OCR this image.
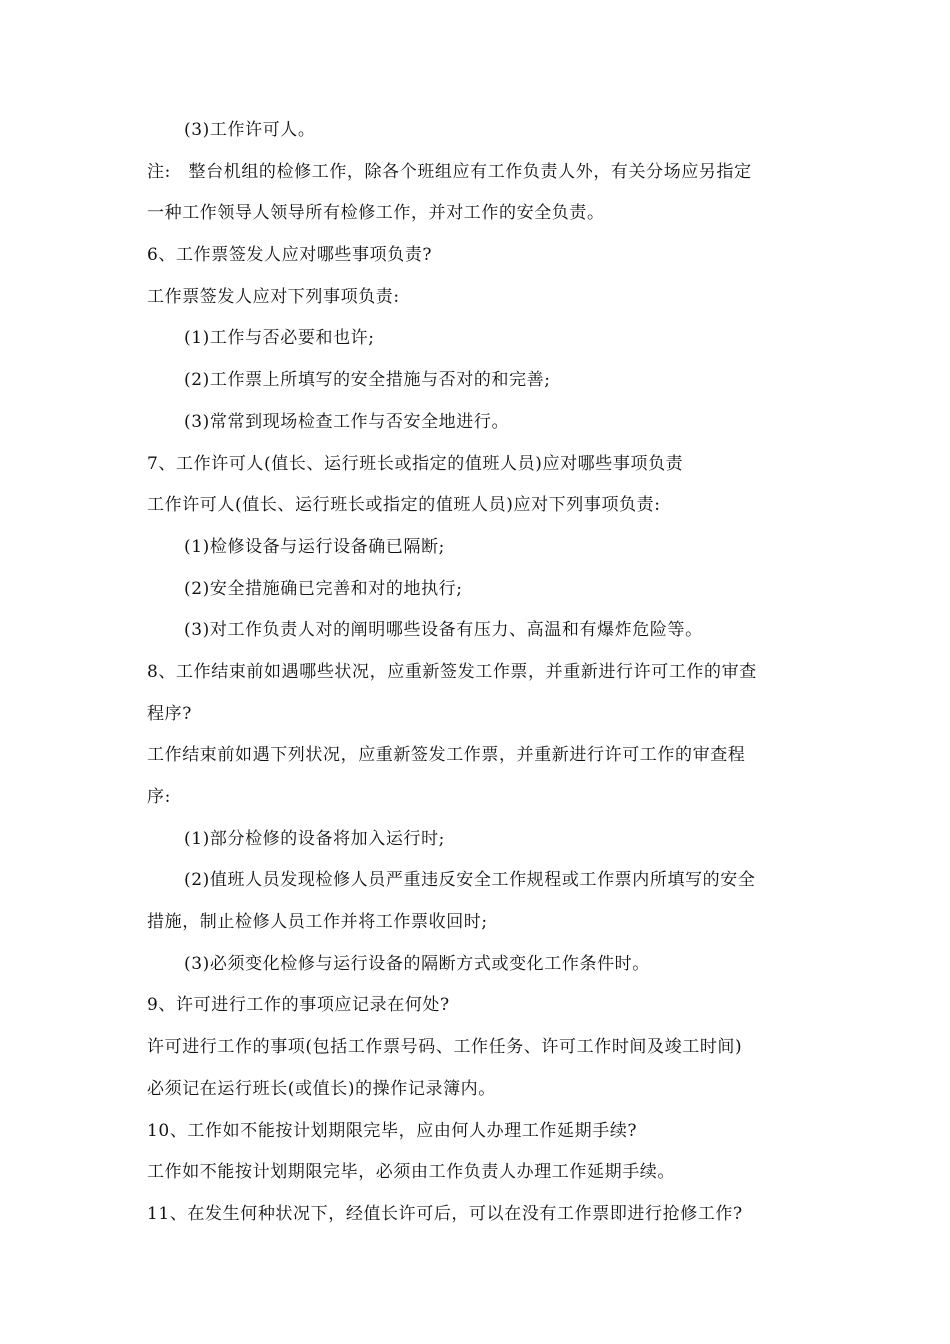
(3)工作许可人。
注:　整台机组的检修工作，除各个班组应有工作负责人外，有关分场应另指定
一种工作领导人领导所有检修工作，并对工作的安全负责。
6、工作票签发人应对哪些事项负责?
工作票签发人应对下列事项负责:
(1)工作与否必要和也许;
(2)工作票上所填写的安全措施与否对的和完善;
(3)常常到现场检查工作与否安全地进行。
7、工作许可人(值长、运行班长或指定的值班人员)应对哪些事项负责
工作许可人(值长、运行班长或指定的值班人员)应对下列事项负责:
(1)检修设备与运行设备确已隔断;
(2)安全措施确已完善和对的地执行;
(3)对工作负责人对的阐明哪些设备有压力、高温和有爆炸危险等。
8、工作结束前如遇哪些状况，应重新签发工作票，并重新进行许可工作的审查
程序?
工作结束前如遇下列状况，应重新签发工作票，并重新进行许可工作的审查程
序:
(1)部分检修的设备将加入运行时;
(2)值班人员发现检修人员严重违反安全工作规程或工作票内所填写的安全
措施，制止检修人员工作并将工作票收回时;
(3)必须变化检修与运行设备的隔断方式或变化工作条件时。
9、许可进行工作的事项应记录在何处?
许可进行工作的事项(包括工作票号码、工作任务、许可工作时间及竣工时间)
必须记在运行班长(或值长)的操作记录簿内。
10、工作如不能按计划期限完毕，应由何人办理工作延期手续?
工作如不能按计划期限完毕，必须由工作负责人办理工作延期手续。
11、在发生何种状况下，经值长许可后，可以在没有工作票即进行抢修工作?
